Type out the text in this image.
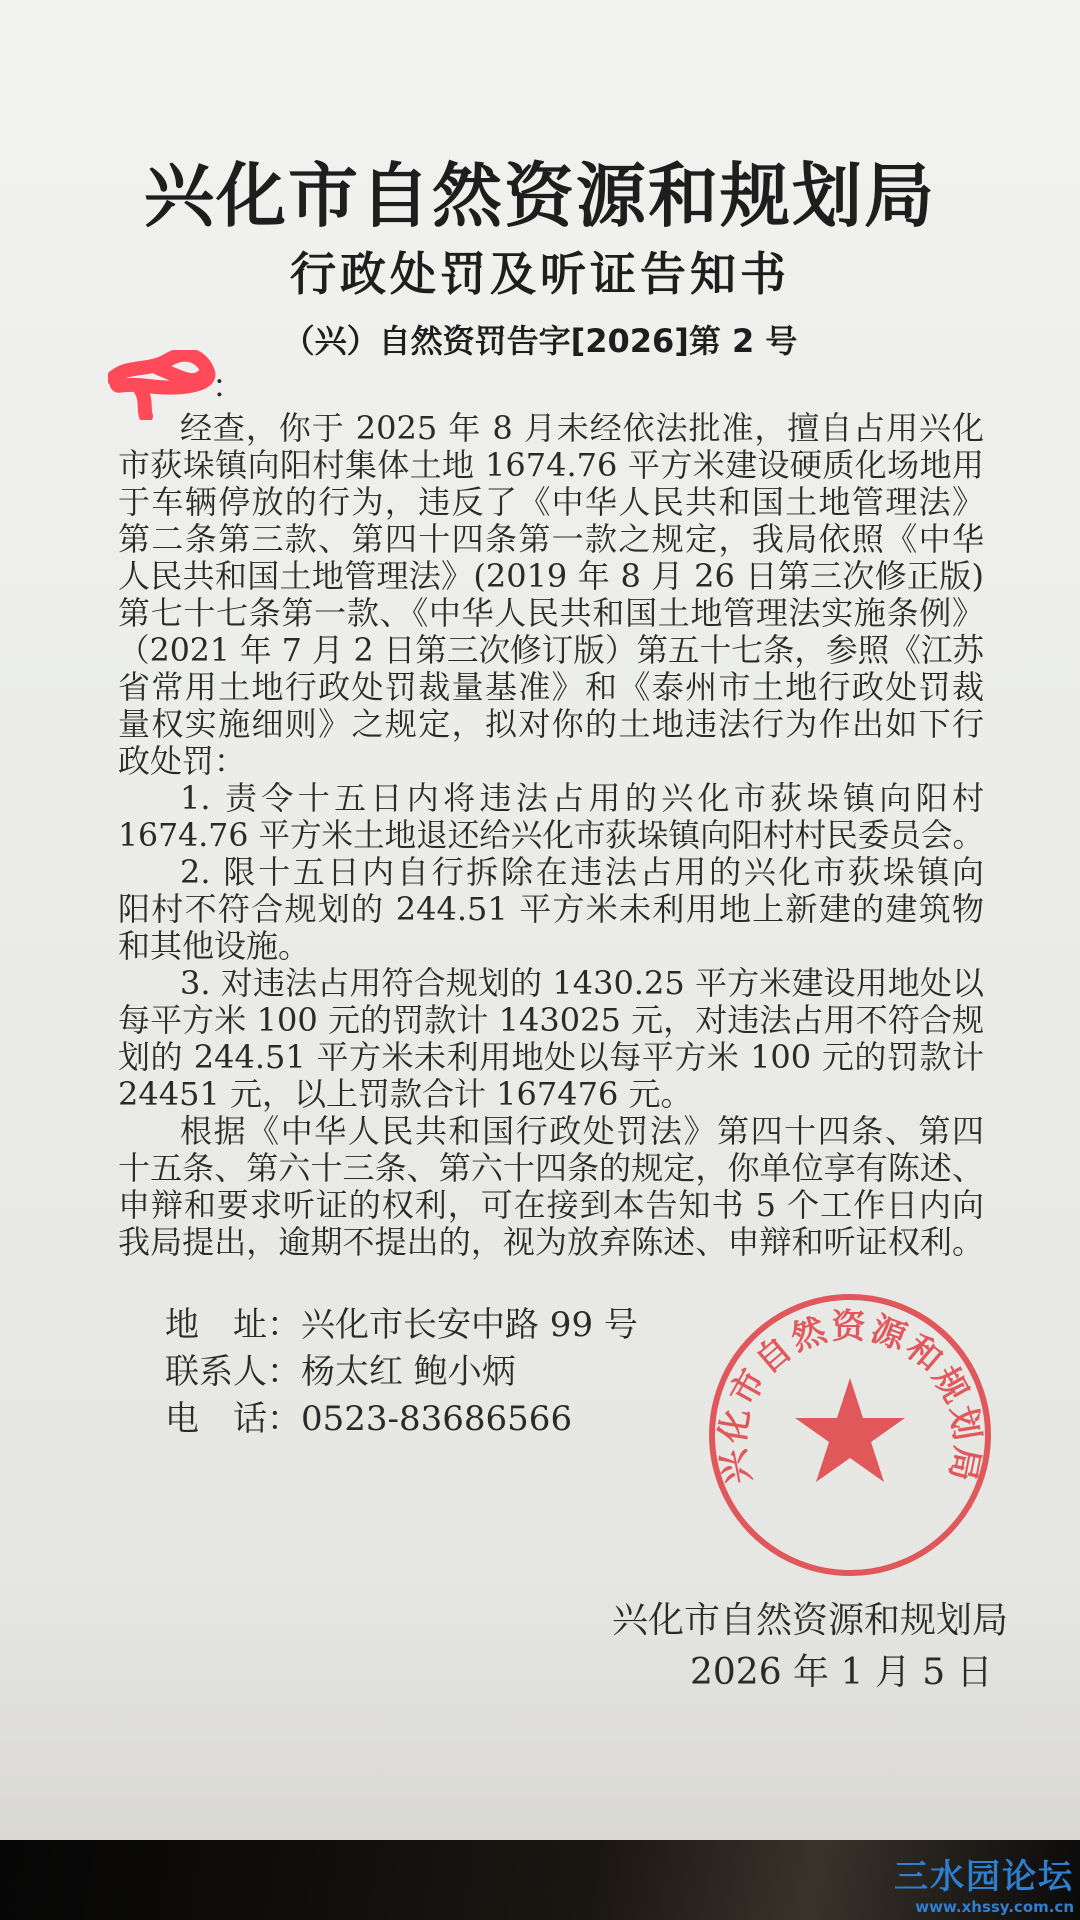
兴化市自然资源和规划局
行政处罚及听证告知书
（兴）自然资罚告字[2026]第 2 号
：
经查，你于 2025 年 8 月未经依法批准，擅自占用兴化
市荻垛镇向阳村集体土地 1674.76 平方米建设硬质化场地用
于车辆停放的行为，违反了《中华人民共和国土地管理法》
第二条第三款、第四十四条第一款之规定，我局依照《中华
人民共和国土地管理法》(2019 年 8 月 26 日第三次修正版)
第七十七条第一款、《中华人民共和国土地管理法实施条例》
（2021 年 7 月 2 日第三次修订版）第五十七条，参照《江苏
省常用土地行政处罚裁量基准》和《泰州市土地行政处罚裁
量权实施细则》之规定，拟对你的土地违法行为作出如下行
政处罚：
1. 责令十五日内将违法占用的兴化市荻垛镇向阳村
1674.76 平方米土地退还给兴化市荻垛镇向阳村村民委员会。
2. 限十五日内自行拆除在违法占用的兴化市荻垛镇向
阳村不符合规划的 244.51 平方米未利用地上新建的建筑物
和其他设施。
3. 对违法占用符合规划的 1430.25 平方米建设用地处以
每平方米 100 元的罚款计 143025 元，对违法占用不符合规
划的 244.51 平方米未利用地处以每平方米 100 元的罚款计
24451 元，以上罚款合计 167476 元。
根据《中华人民共和国行政处罚法》第四十四条、第四
十五条、第六十三条、第六十四条的规定，你单位享有陈述、
申辩和要求听证的权利，可在接到本告知书 5 个工作日内向
我局提出，逾期不提出的，视为放弃陈述、申辩和听证权利。
地　址：兴化市长安中路 99 号
联系人：杨太红 鲍小炳
电　话：0523-83686566
兴化市自然资源和规划局
兴化市自然资源和规划局
2026 年 1 月 5 日
三水园论坛
www.xhssy.com.cn
